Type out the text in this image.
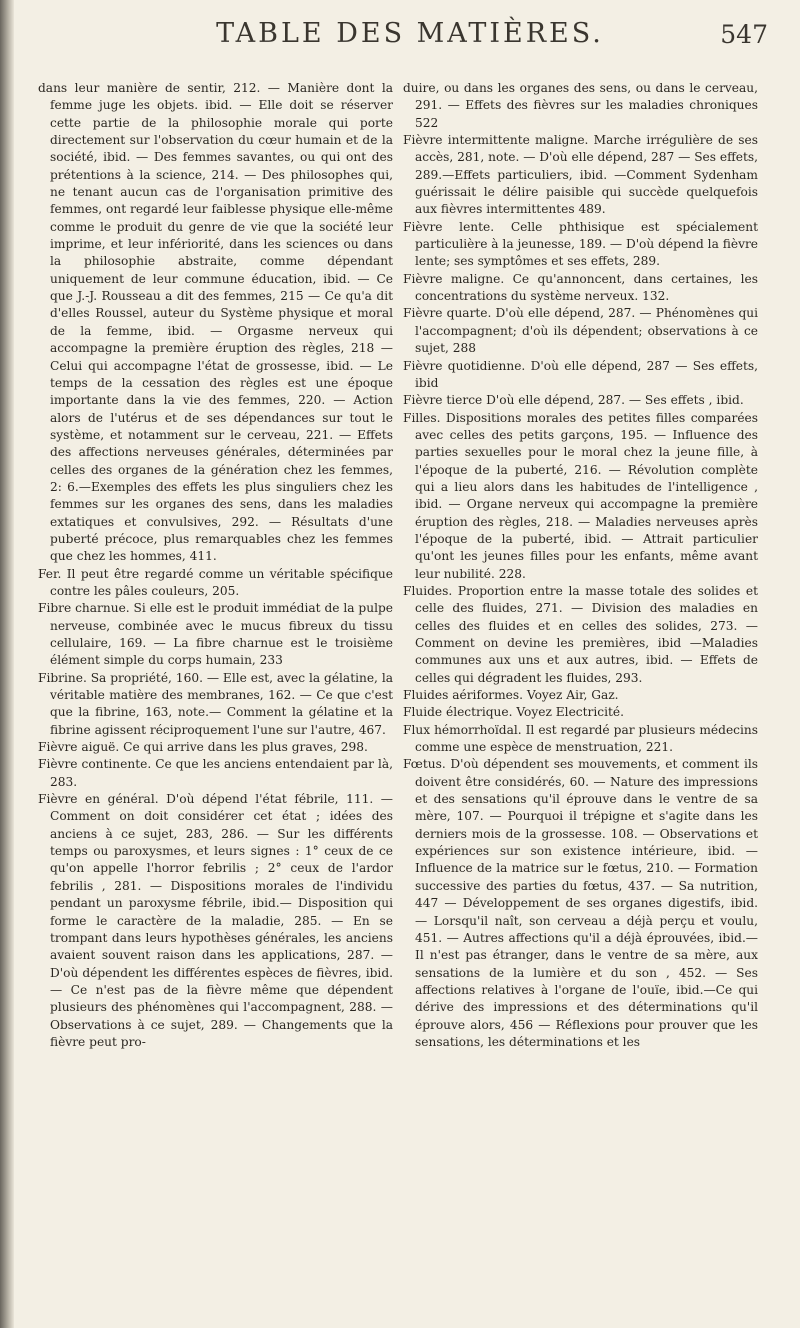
TABLE DES MATIÈRES.	547

dans leur manière de sentir, 212. — Manière dont la femme juge les objets. ibid. — Elle doit se réserver cette partie de la philosophie morale qui porte directement sur l'observation du cœur humain et de la société, ibid. — Des femmes savantes, ou qui ont des prétentions à la science, 214. — Des philosophes qui, ne tenant aucun cas de l'organisation primitive des femmes, ont regardé leur faiblesse physique elle-même comme le produit du genre de vie que la société leur imprime, et leur infériorité, dans les sciences ou dans la philosophie abstraite, comme dépendant uniquement de leur commune éducation, ibid. — Ce que J.-J. Rousseau a dit des femmes, 215 — Ce qu'a dit d'elles Roussel, auteur du Système physique et moral de la femme, ibid. — Orgasme nerveux qui accompagne la première éruption des règles, 218 — Celui qui accompagne l'état de grossesse, ibid. — Le temps de la cessation des règles est une époque importante dans la vie des femmes, 220. — Action alors de l'utérus et de ses dépendances sur tout le système, et notamment sur le cerveau, 221. — Effets des affections nerveuses générales, déterminées par celles des organes de la génération chez les femmes, 2: 6.—Exemples des effets les plus singuliers chez les femmes sur les organes des sens, dans les maladies extatiques et convulsives, 292. — Résultats d'une puberté précoce, plus remarquables chez les femmes que chez les hommes, 411.

Fer. Il peut être regardé comme un véritable spécifique contre les pâles couleurs, 205.

Fibre charnue. Si elle est le produit immédiat de la pulpe nerveuse, combinée avec le mucus fibreux du tissu cellulaire, 169. — La fibre charnue est le troisième élément simple du corps humain, 233

Fibrine. Sa propriété, 160. — Elle est, avec la gélatine, la véritable matière des membranes, 162. — Ce que c'est que la fibrine, 163, note.— Comment la gélatine et la fibrine agissent réciproquement l'une sur l'autre, 467.

Fièvre aiguë. Ce qui arrive dans les plus graves, 298.

Fièvre continente. Ce que les anciens entendaient par là, 283.

Fièvre en général. D'où dépend l'état fébrile, 111. — Comment on doit considérer cet état ; idées des anciens à ce sujet, 283, 286. — Sur les différents temps ou paroxysmes, et leurs signes : 1° ceux de ce qu'on appelle l'horror febrilis ; 2° ceux de l'ardor febrilis , 281. — Dispositions morales de l'individu pendant un paroxysme fébrile, ibid.— Disposition qui forme le caractère de la maladie, 285. — En se trompant dans leurs hypothèses générales, les anciens avaient souvent raison dans les applications, 287. — D'où dépendent les différentes espèces de fièvres, ibid. — Ce n'est pas de la fièvre même que dépendent plusieurs des phénomènes qui l'accompagnent, 288. — Observations à ce sujet, 289. — Changements que la fièvre peut pro-

duire, ou dans les organes des sens, ou dans le cerveau, 291. — Effets des fièvres sur les maladies chroniques 522

Fièvre intermittente maligne. Marche irrégulière de ses accès, 281, note. — D'où elle dépend, 287 — Ses effets, 289.—Effets particuliers, ibid. —Comment Sydenham guérissait le délire paisible qui succède quelquefois aux fièvres intermittentes 489.

Fièvre lente. Celle phthisique est spécialement particulière à la jeunesse, 189. — D'où dépend la fièvre lente; ses symptômes et ses effets, 289.

Fièvre maligne. Ce qu'annoncent, dans certaines, les concentrations du système nerveux. 132.

Fièvre quarte. D'où elle dépend, 287. — Phénomènes qui l'accompagnent; d'où ils dépendent; observations à ce sujet, 288

Fièvre quotidienne. D'où elle dépend, 287 — Ses effets, ibid

Fièvre tierce D'où elle dépend, 287. — Ses effets , ibid.

Filles. Dispositions morales des petites filles comparées avec celles des petits garçons, 195. — Influence des parties sexuelles pour le moral chez la jeune fille, à l'époque de la puberté, 216. — Révolution complète qui a lieu alors dans les habitudes de l'intelligence , ibid. — Organe nerveux qui accompagne la première éruption des règles, 218. — Maladies nerveuses après l'époque de la puberté, ibid. — Attrait particulier qu'ont les jeunes filles pour les enfants, même avant leur nubilité. 228.

Fluides. Proportion entre la masse totale des solides et celle des fluides, 271. — Division des maladies en celles des fluides et en celles des solides, 273. — Comment on devine les premières, ibid —Maladies communes aux uns et aux autres, ibid. — Effets de celles qui dégradent les fluides, 293.

Fluides aériformes. Voyez Air, Gaz.

Fluide électrique. Voyez Electricité.

Flux hémorrhoïdal. Il est regardé par plusieurs médecins comme une espèce de menstruation, 221.

Fœtus. D'où dépendent ses mouvements, et comment ils doivent être considérés, 60. — Nature des impressions et des sensations qu'il éprouve dans le ventre de sa mère, 107. — Pourquoi il trépigne et s'agite dans les derniers mois de la grossesse. 108. — Observations et expériences sur son existence intérieure, ibid. — Influence de la matrice sur le fœtus, 210. — Formation successive des parties du fœtus, 437. — Sa nutrition, 447 — Développement de ses organes digestifs, ibid. — Lorsqu'il naît, son cerveau a déjà perçu et voulu, 451. — Autres affections qu'il a déjà éprouvées, ibid.—Il n'est pas étranger, dans le ventre de sa mère, aux sensations de la lumière et du son , 452. — Ses affections relatives à l'organe de l'ouïe, ibid.—Ce qui dérive des impressions et des déterminations qu'il éprouve alors, 456 — Réflexions pour prouver que les sensations, les déterminations et les
